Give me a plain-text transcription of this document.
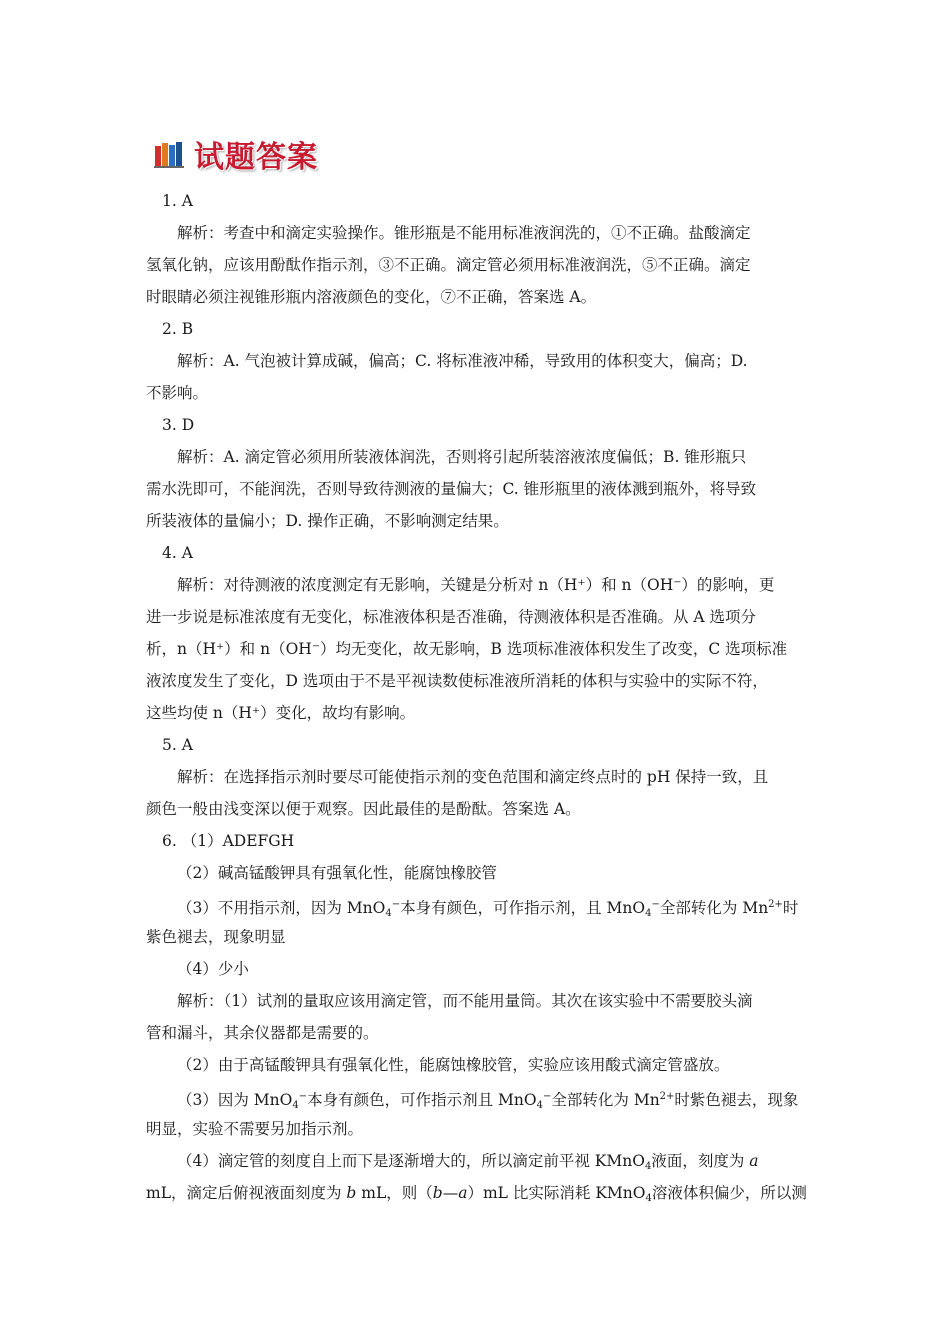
试题答案
1. A
解析：考查中和滴定实验操作。锥形瓶是不能用标准液润洗的，①不正确。盐酸滴定
氢氧化钠，应该用酚酞作指示剂，③不正确。滴定管必须用标准液润洗，⑤不正确。滴定
时眼睛必须注视锥形瓶内溶液颜色的变化，⑦不正确，答案选 A。
2. B
解析：A. 气泡被计算成碱，偏高；C. 将标准液冲稀，导致用的体积变大，偏高；D.
不影响。
3. D
解析：A. 滴定管必须用所装液体润洗，否则将引起所装溶液浓度偏低；B. 锥形瓶只
需水洗即可，不能润洗，否则导致待测液的量偏大；C. 锥形瓶里的液体溅到瓶外，将导致
所装液体的量偏小；D. 操作正确，不影响测定结果。
4. A
解析：对待测液的浓度测定有无影响，关键是分析对 n（H⁺）和 n（OH⁻）的影响，更
进一步说是标准浓度有无变化，标准液体积是否准确，待测液体积是否准确。从 A 选项分
析，n（H⁺）和 n（OH⁻）均无变化，故无影响，B 选项标准液体积发生了改变，C 选项标准
液浓度发生了变化，D 选项由于不是平视读数使标准液所消耗的体积与实验中的实际不符，
这些均使 n（H⁺）变化，故均有影响。
5. A
解析：在选择指示剂时要尽可能使指示剂的变色范围和滴定终点时的 pH 保持一致，且
颜色一般由浅变深以便于观察。因此最佳的是酚酞。答案选 A。
6. （1）ADEFGH
（2）碱高锰酸钾具有强氧化性，能腐蚀橡胶管
（3）不用指示剂，因为 MnO$_4$−本身有颜色，可作指示剂，且 MnO$_4$−全部转化为 $Mn^{2+}$时
紫色褪去，现象明显
（4）少小
解析：（1）试剂的量取应该用滴定管，而不能用量筒。其次在该实验中不需要胶头滴
管和漏斗，其余仪器都是需要的。
（2）由于高锰酸钾具有强氧化性，能腐蚀橡胶管，实验应该用酸式滴定管盛放。
（3）因为 MnO$_4$−本身有颜色，可作指示剂且 MnO$_4$−全部转化为 $Mn^{2+}$时紫色褪去，现象
明显，实验不需要另加指示剂。
（4）滴定管的刻度自上而下是逐渐增大的，所以滴定前平视 KMnO$_4$液面，刻度为 a
mL，滴定后俯视液面刻度为 b mL，则（b—a）mL 比实际消耗 KMnO$_4$溶液体积偏少，所以测
